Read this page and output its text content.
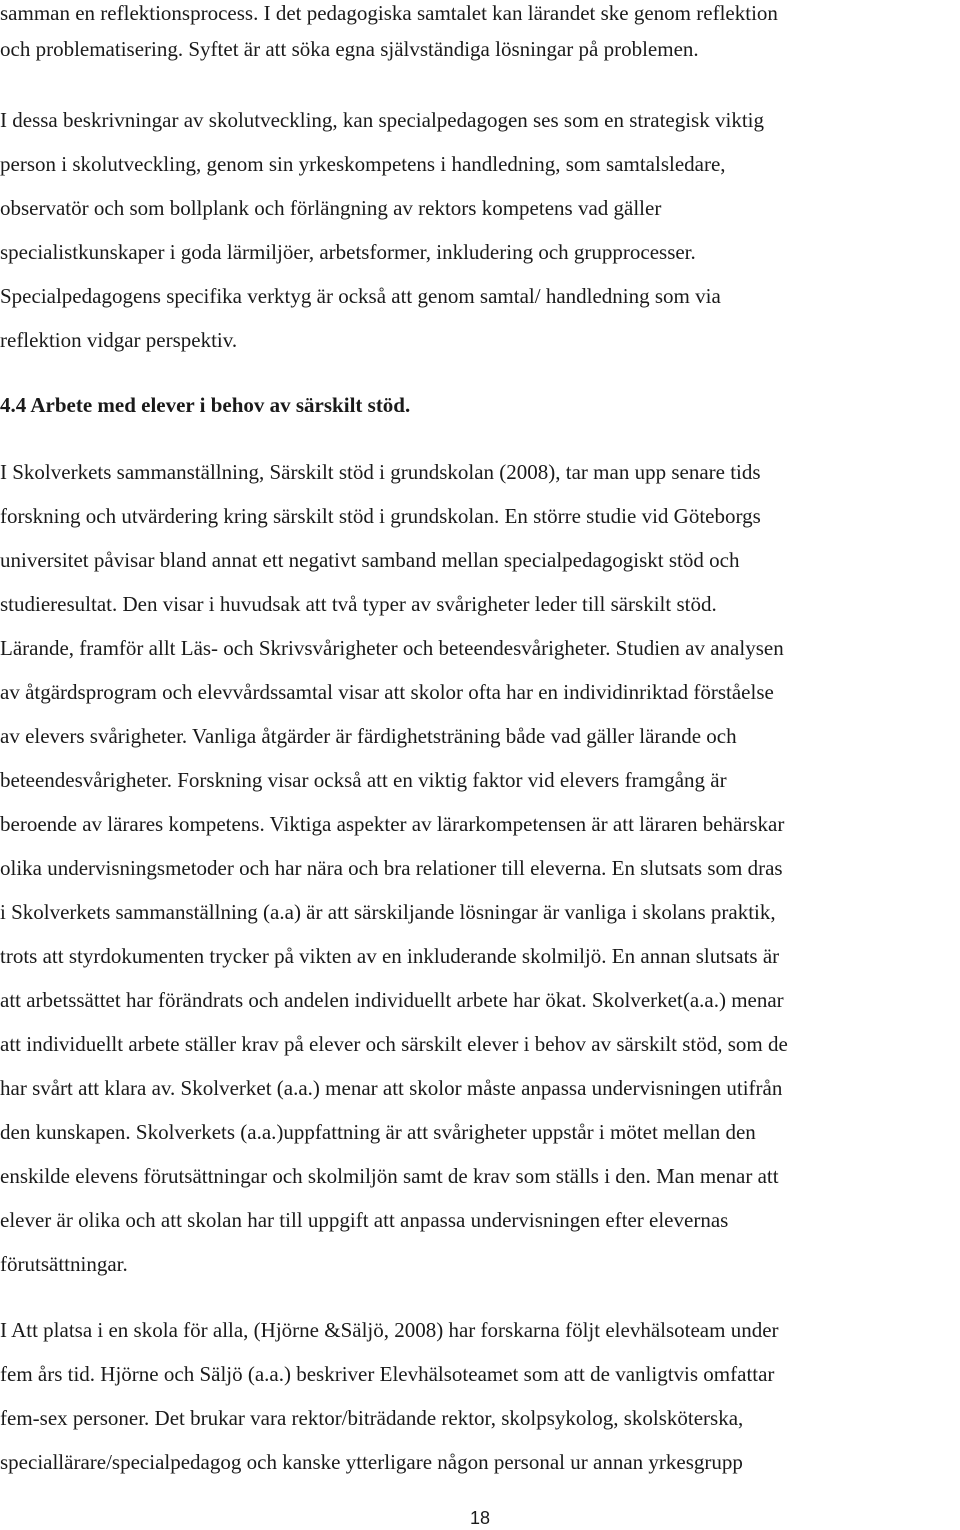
samman en reflektionsprocess. I det pedagogiska samtalet kan lärandet ske genom reflektion

och problematisering. Syftet är att söka egna självständiga lösningar på problemen.

I dessa beskrivningar av skolutveckling, kan specialpedagogen ses som en strategisk viktig

person i skolutveckling, genom sin yrkeskompetens i handledning, som samtalsledare,

observatör och som bollplank och förlängning av rektors kompetens vad gäller

specialistkunskaper i goda lärmiljöer, arbetsformer, inkludering och grupprocesser.

Specialpedagogens specifika verktyg är också att genom samtal/ handledning som via

reflektion vidgar perspektiv.

4.4 Arbete med elever i behov av särskilt stöd.

I Skolverkets sammanställning, Särskilt stöd i grundskolan (2008), tar man upp senare tids

forskning och utvärdering kring särskilt stöd i grundskolan. En större studie vid Göteborgs

universitet påvisar bland annat ett negativt samband mellan specialpedagogiskt stöd och

studieresultat. Den visar i huvudsak att två typer av svårigheter leder till särskilt stöd.

Lärande, framför allt Läs- och Skrivsvårigheter och beteendesvårigheter. Studien av analysen

av åtgärdsprogram och elevvårdssamtal visar att skolor ofta har en individinriktad förståelse

av elevers svårigheter. Vanliga åtgärder är färdighetsträning både vad gäller lärande och

beteendesvårigheter. Forskning visar också att en viktig faktor vid elevers framgång är

beroende av lärares kompetens. Viktiga aspekter av lärarkompetensen är att läraren behärskar

olika undervisningsmetoder och har nära och bra relationer till eleverna. En slutsats som dras

i Skolverkets sammanställning (a.a) är att särskiljande lösningar är vanliga i skolans praktik,

trots att styrdokumenten trycker på vikten av en inkluderande skolmiljö. En annan slutsats är

att arbetssättet har förändrats och andelen individuellt arbete har ökat. Skolverket(a.a.) menar

att individuellt arbete ställer krav på elever och särskilt elever i behov av särskilt stöd, som de

har svårt att klara av. Skolverket (a.a.) menar att skolor måste anpassa undervisningen utifrån

den kunskapen. Skolverkets (a.a.)uppfattning är att svårigheter uppstår i mötet mellan den

enskilde elevens förutsättningar och skolmiljön samt de krav som ställs i den. Man menar att

elever är olika och att skolan har till uppgift att anpassa undervisningen efter elevernas

förutsättningar.

I Att platsa i en skola för alla, (Hjörne &Säljö, 2008) har forskarna följt elevhälsoteam under

fem års tid. Hjörne och Säljö (a.a.) beskriver Elevhälsoteamet som att de vanligtvis omfattar

fem-sex personer. Det brukar vara rektor/biträdande rektor, skolpsykolog, skolsköterska,

speciallärare/specialpedagog och kanske ytterligare någon personal ur annan yrkesgrupp

18
